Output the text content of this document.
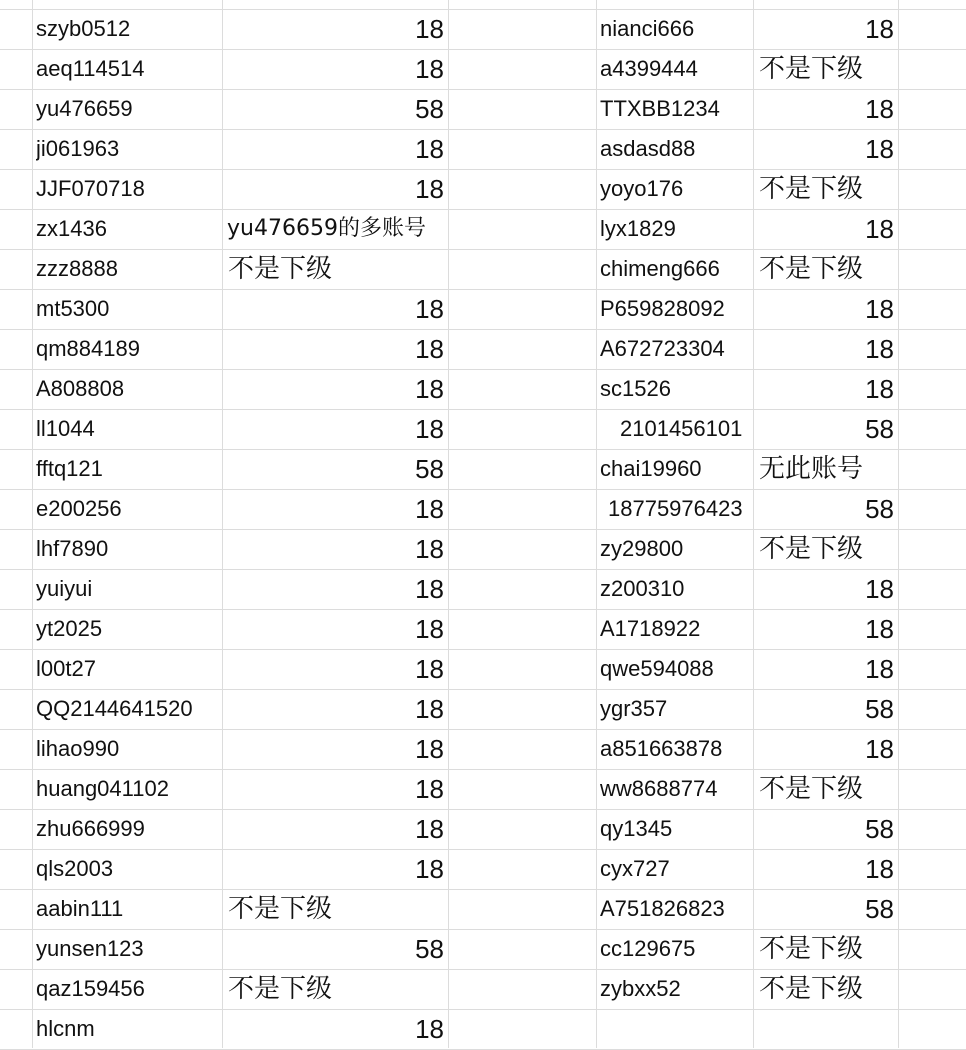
szyb0512	18	nianci666	18
aeq114514	18	a4399444	不是下级
yu476659	58	TTXBB1234	18
ji061963	18	asdasd88	18
JJF070718	18	yoyo176	不是下级
zx1436	yu476659的多账号	lyx1829	18
zzz8888	不是下级	chimeng666	不是下级
mt5300	18	P659828092	18
qm884189	18	A672723304	18
A808808	18	sc1526	18
ll1044	18	2101456101	58
fftq121	58	chai19960	无此账号
e200256	18	18775976423	58
lhf7890	18	zy29800	不是下级
yuiyui	18	z200310	18
yt2025	18	A1718922	18
l00t27	18	qwe594088	18
QQ2144641520	18	ygr357	58
lihao990	18	a851663878	18
huang041102	18	ww8688774	不是下级
zhu666999	18	qy1345	58
qls2003	18	cyx727	18
aabin111	不是下级	A751826823	58
yunsen123	58	cc129675	不是下级
qaz159456	不是下级	zybxx52	不是下级
hlcnm	18
